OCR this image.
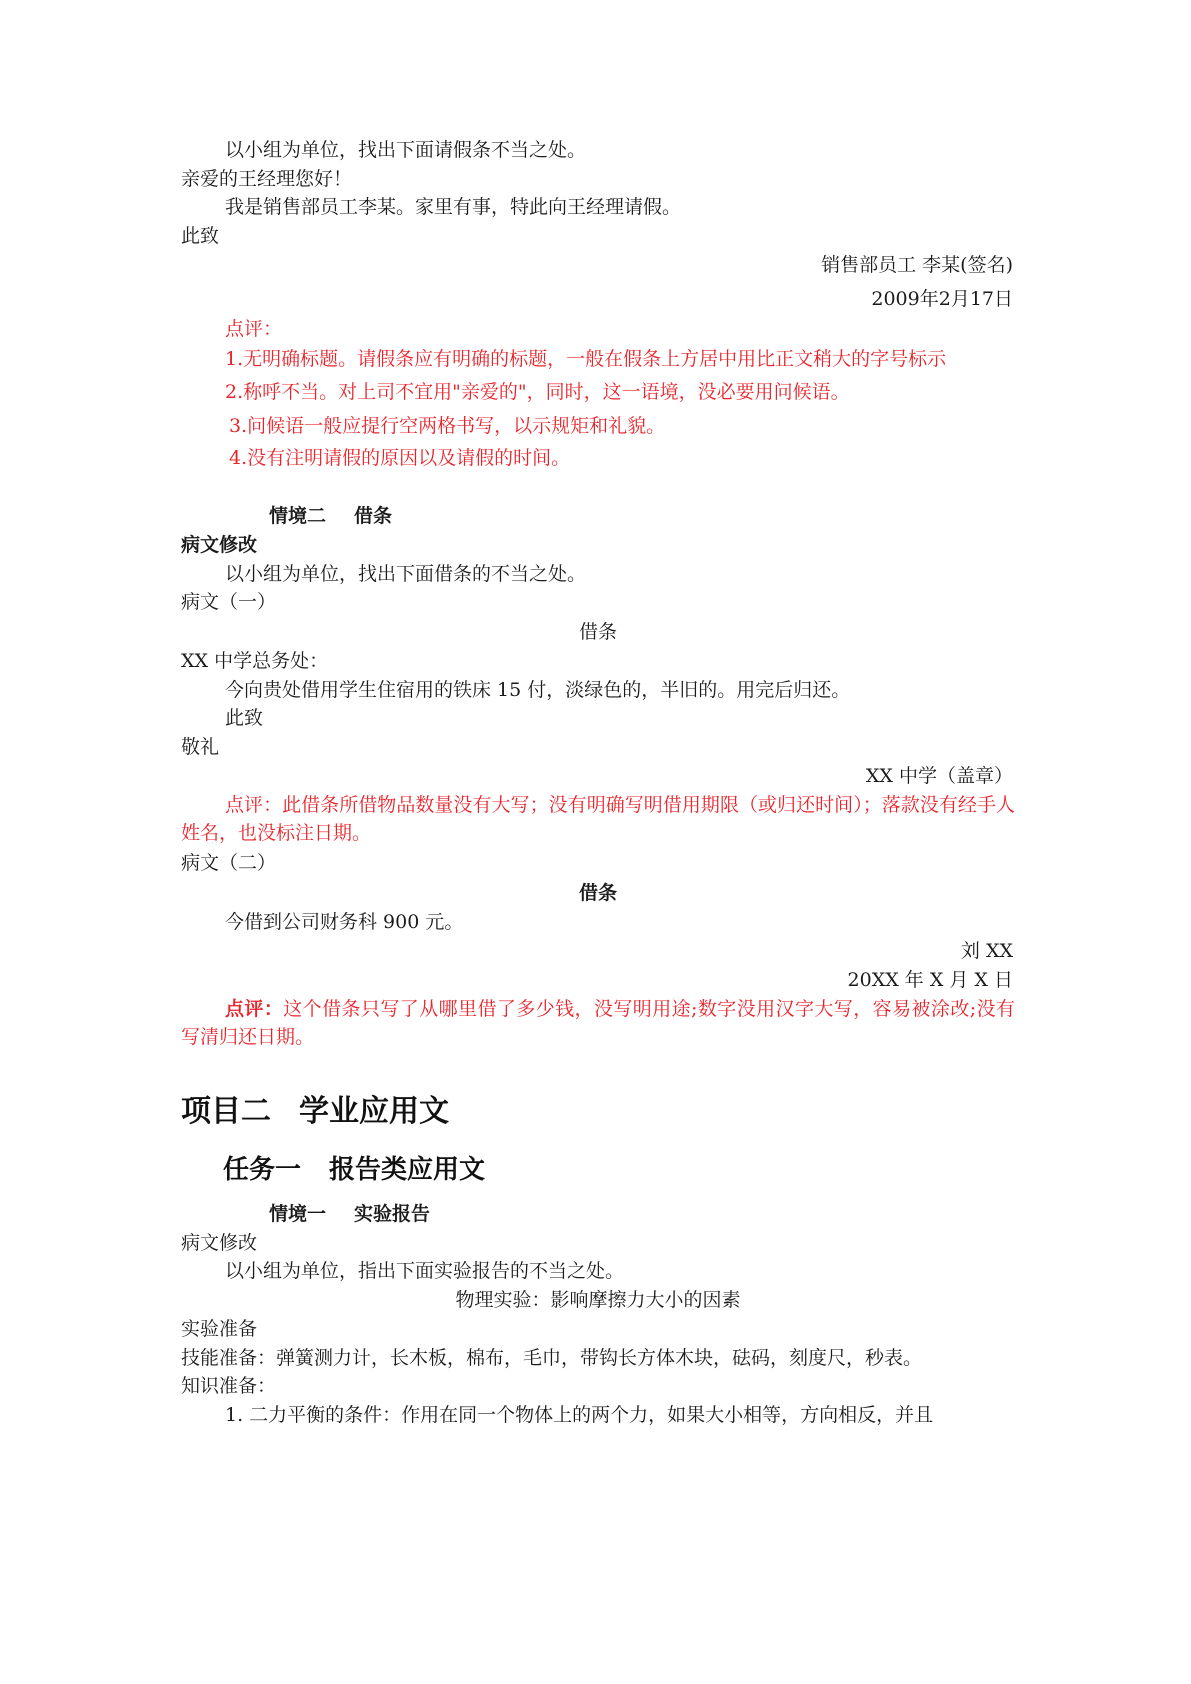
以小组为单位，找出下面请假条不当之处。
亲爱的王经理您好！
我是销售部员工李某。家里有事，特此向王经理请假。
此致
销售部员工 李某(签名)
2009年2月17日
点评：
1.无明确标题。请假条应有明确的标题，一般在假条上方居中用比正文稍大的字号标示
2.称呼不当。对上司不宜用"亲爱的"，同时，这一语境，没必要用问候语。
3.问候语一般应提行空两格书写，以示规矩和礼貌。
4.没有注明请假的原因以及请假的时间。
情境二 借条
病文修改
以小组为单位，找出下面借条的不当之处。
病文（一）
借条
XX 中学总务处：
今向贵处借用学生住宿用的铁床 15 付，淡绿色的，半旧的。用完后归还。
此致
敬礼
XX 中学（盖章）
点评：此借条所借物品数量没有大写；没有明确写明借用期限（或归还时间）；落款没有经手人姓名，也没标注日期。
病文（二）
借条
今借到公司财务科 900 元。
刘 XX
20XX 年 X 月 X 日
点评：这个借条只写了从哪里借了多少钱，没写明用途;数字没用汉字大写，容易被涂改;没有写清归还日期。
项目二 学业应用文
任务一 报告类应用文
情境一 实验报告
病文修改
以小组为单位，指出下面实验报告的不当之处。
物理实验：影响摩擦力大小的因素
实验准备
技能准备：弹簧测力计，长木板，棉布，毛巾，带钩长方体木块，砝码，刻度尺，秒表。
知识准备：
1. 二力平衡的条件：作用在同一个物体上的两个力，如果大小相等，方向相反，并且
